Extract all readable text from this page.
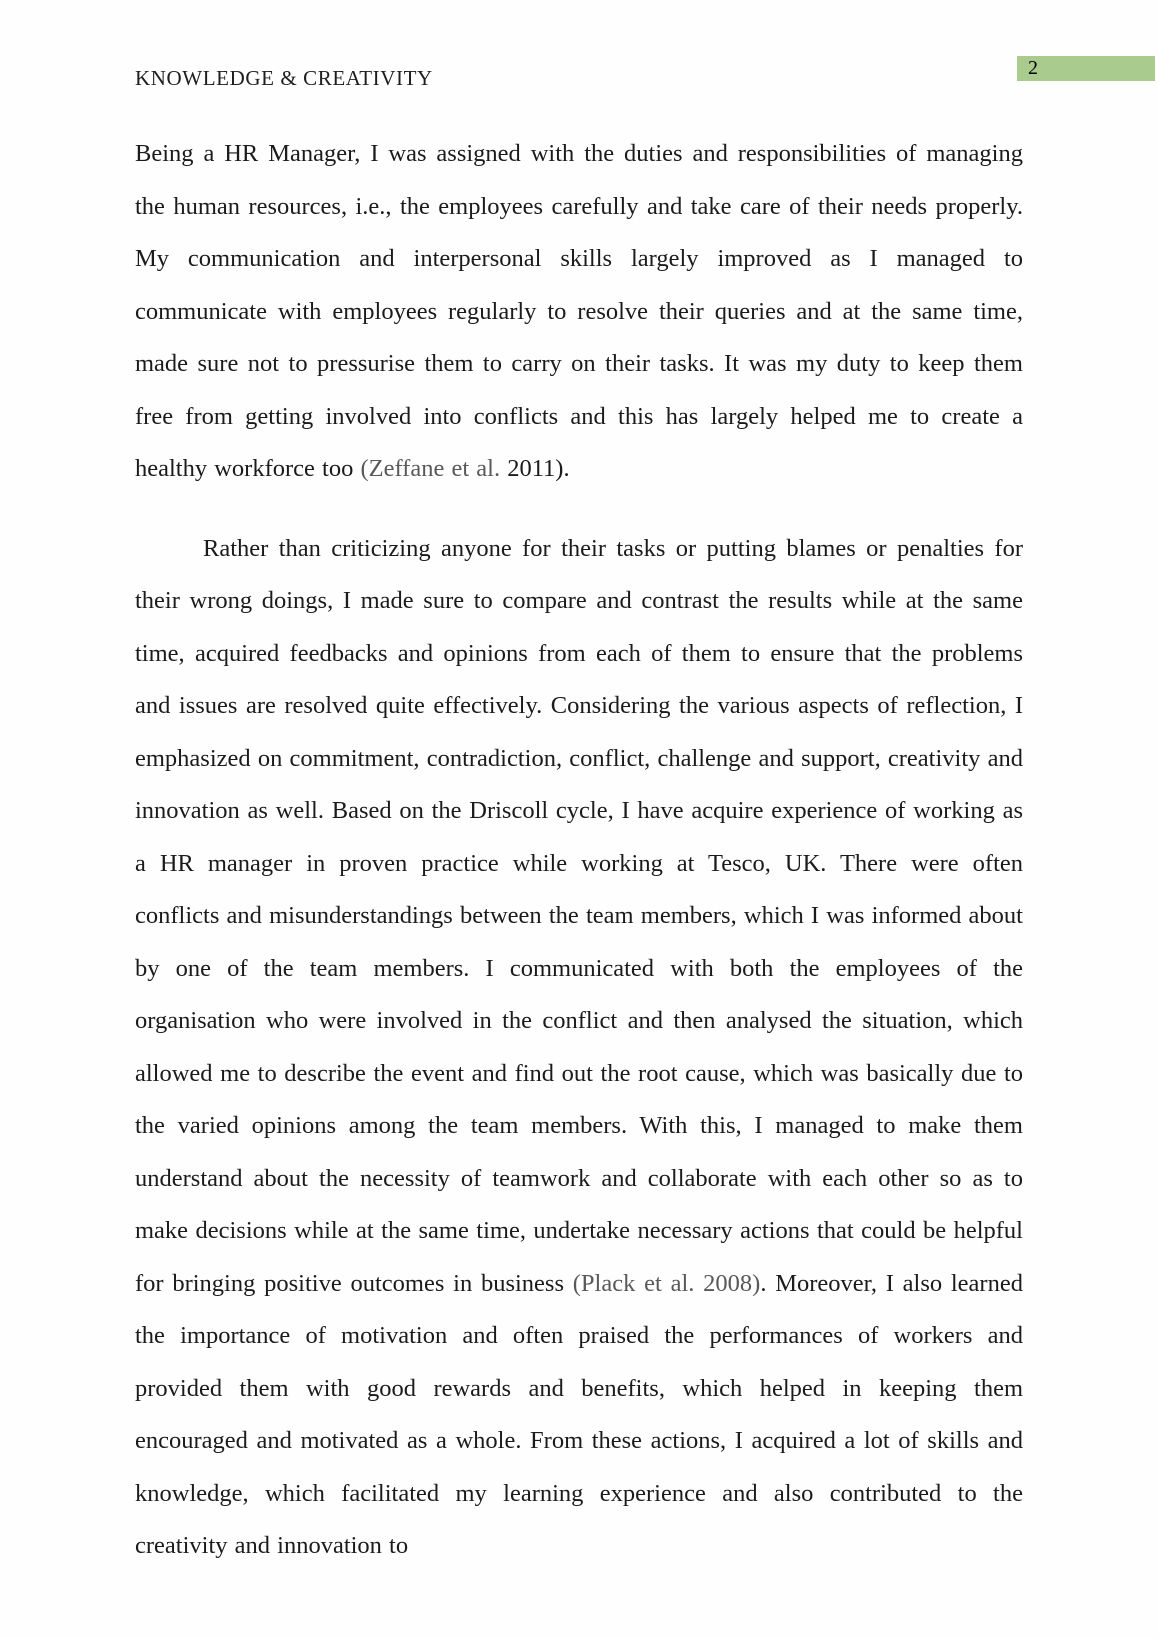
KNOWLEDGE & CREATIVITY	2

Being a HR Manager, I was assigned with the duties and responsibilities of managing the human resources, i.e., the employees carefully and take care of their needs properly. My communication and interpersonal skills largely improved as I managed to communicate with employees regularly to resolve their queries and at the same time, made sure not to pressurise them to carry on their tasks. It was my duty to keep them free from getting involved into conflicts and this has largely helped me to create a healthy workforce too (Zeffane et al. 2011).

Rather than criticizing anyone for their tasks or putting blames or penalties for their wrong doings, I made sure to compare and contrast the results while at the same time, acquired feedbacks and opinions from each of them to ensure that the problems and issues are resolved quite effectively. Considering the various aspects of reflection, I emphasized on commitment, contradiction, conflict, challenge and support, creativity and innovation as well. Based on the Driscoll cycle, I have acquire experience of working as a HR manager in proven practice while working at Tesco, UK. There were often conflicts and misunderstandings between the team members, which I was informed about by one of the team members. I communicated with both the employees of the organisation who were involved in the conflict and then analysed the situation, which allowed me to describe the event and find out the root cause, which was basically due to the varied opinions among the team members. With this, I managed to make them understand about the necessity of teamwork and collaborate with each other so as to make decisions while at the same time, undertake necessary actions that could be helpful for bringing positive outcomes in business (Plack et al. 2008). Moreover, I also learned the importance of motivation and often praised the performances of workers and provided them with good rewards and benefits, which helped in keeping them encouraged and motivated as a whole. From these actions, I acquired a lot of skills and knowledge, which facilitated my learning experience and also contributed to the creativity and innovation to
